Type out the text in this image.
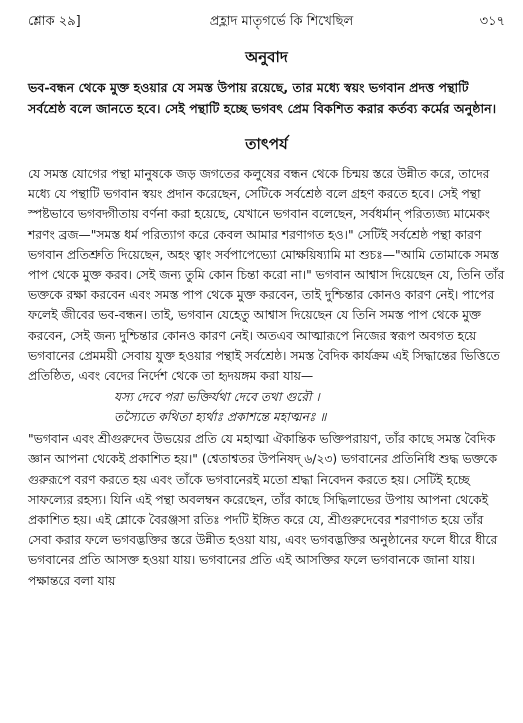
শ্লোক ২৯]	প্রহ্লাদ মাতৃগর্ভে কি শিখেছিল	৩১৭
অনুবাদ

ভব-বন্ধন থেকে মুক্ত হওয়ার যে সমস্ত উপায় রয়েছে, তার মধ্যে স্বয়ং ভগবান প্রদত্ত পন্থাটি সর্বশ্রেষ্ঠ বলে জানতে হবে। সেই পন্থাটি হচ্ছে ভগবৎ প্রেম বিকশিত করার কর্তব্য কর্মের অনুষ্ঠান।

তাৎপর্য

যে সমস্ত যোগের পন্থা মানুষকে জড় জগতের কলুষের বন্ধন থেকে চিন্ময় স্তরে উন্নীত করে, তাদের মধ্যে যে পন্থাটি ভগবান স্বয়ং প্রদান করেছেন, সেটিকে সর্বশ্রেষ্ঠ বলে গ্রহণ করতে হবে। সেই পন্থা স্পষ্টভাবে ভগবদ্গীতায় বর্ণনা করা হয়েছে, যেখানে ভগবান বলেছেন, সর্বধর্মান্ পরিত্যজ্য মামেকং শরণং ব্রজ—"সমস্ত ধর্ম পরিত্যাগ করে কেবল আমার শরণাগত হও।" সেটিই সর্বশ্রেষ্ঠ পন্থা কারণ ভগবান প্রতিশ্রুতি দিয়েছেন, অহং ত্বাং সর্বপাপেভ্যো মোক্ষয়িষ্যামি মা শুচঃ—"আমি তোমাকে সমস্ত পাপ থেকে মুক্ত করব। সেই জন্য তুমি কোন চিন্তা করো না।" ভগবান আশ্বাস দিয়েছেন যে, তিনি তাঁর ভক্তকে রক্ষা করবেন এবং সমস্ত পাপ থেকে মুক্ত করবেন, তাই দুশ্চিন্তার কোনও কারণ নেই। পাপের ফলেই জীবের ভব-বন্ধন। তাই, ভগবান যেহেতু আশ্বাস দিয়েছেন যে তিনি সমস্ত পাপ থেকে মুক্ত করবেন, সেই জন্য দুশ্চিন্তার কোনও কারণ নেই। অতএব আত্মারূপে নিজের স্বরূপ অবগত হয়ে ভগবানের প্রেমময়ী সেবায় যুক্ত হওয়ার পন্থাই সর্বশ্রেষ্ঠ। সমস্ত বৈদিক কার্যক্রম এই সিদ্ধান্তের ভিত্তিতে প্রতিষ্ঠিত, এবং বেদের নির্দেশ থেকে তা হৃদয়ঙ্গম করা যায়—

যস্য দেবে পরা ভক্তির্যথা দেবে তথা গুরৌ ।
তস্যৈতে কথিতা হ্যর্থাঃ প্রকাশন্তে মহাত্মনঃ ॥

"ভগবান এবং শ্রীগুরুদেব উভয়ের প্রতি যে মহাত্মা ঐকান্তিক ভক্তিপরায়ণ, তাঁর কাছে সমস্ত বৈদিক জ্ঞান আপনা থেকেই প্রকাশিত হয়।" (শ্বেতাশ্বতর উপনিষদ্ ৬/২৩) ভগবানের প্রতিনিধি শুদ্ধ ভক্তকে গুরুরূপে বরণ করতে হয় এবং তাঁকে ভগবানেরই মতো শ্রদ্ধা নিবেদন করতে হয়। সেটিই হচ্ছে সাফল্যের রহস্য। যিনি এই পন্থা অবলম্বন করেছেন, তাঁর কাছে সিদ্ধিলাভের উপায় আপনা থেকেই প্রকাশিত হয়। এই শ্লোকে বৈরঞ্জসা রতিঃ পদটি ইঙ্গিত করে যে, শ্রীগুরুদেবের শরণাগত হয়ে তাঁর সেবা করার ফলে ভগবদ্ভক্তির স্তরে উন্নীত হওয়া যায়, এবং ভগবদ্ভক্তির অনুষ্ঠানের ফলে ধীরে ধীরে ভগবানের প্রতি আসক্ত হওয়া যায়। ভগবানের প্রতি এই আসক্তির ফলে ভগবানকে জানা যায়। পক্ষান্তরে বলা যায়
